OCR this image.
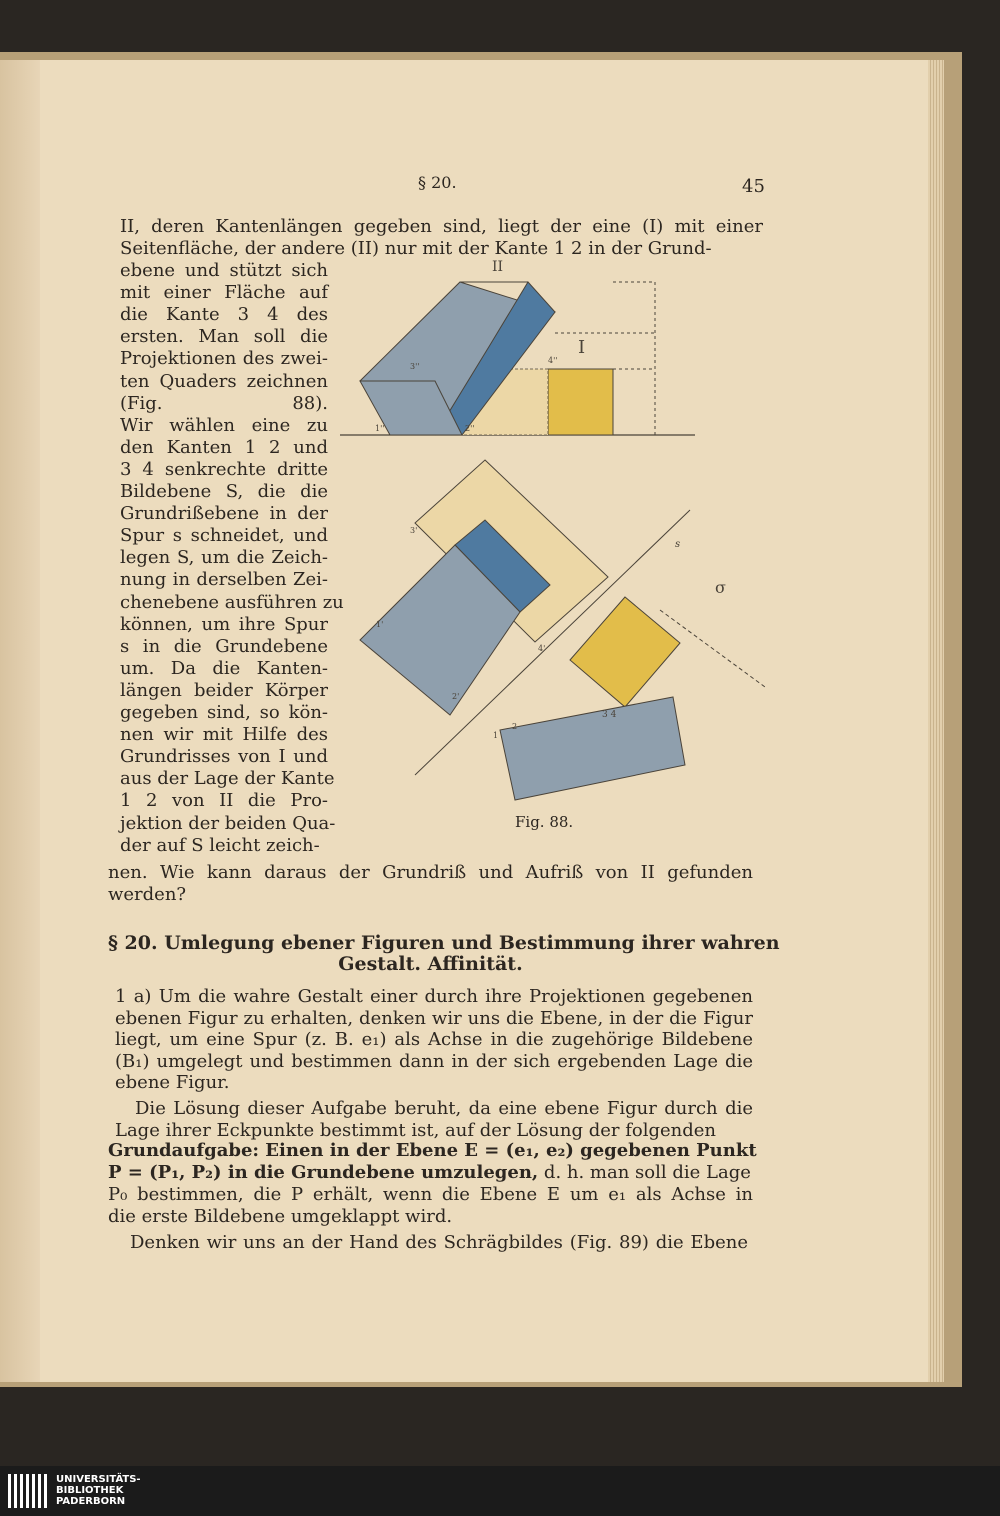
§ 20.	45
II, deren Kantenlängen gegeben sind, liegt der eine (I) mit einer
Seitenfläche, der andere (II) nur mit der Kante 1 2 in der Grund-
ebene und stützt sich
mit einer Fläche auf
die Kante 3 4 des
ersten. Man soll die
Projektionen des zwei-
ten Quaders zeichnen
(Fig. 88).
Wir wählen eine zu
den Kanten 1 2 und
3 4 senkrechte dritte
Bildebene S, die die
Grundrißebene in der
Spur s schneidet, und
legen S, um die Zeich-
nung in derselben Zei-
chenebene ausführen zu
können, um ihre Spur
s in die Grundebene
um. Da die Kanten-
längen beider Körper
gegeben sind, so kön-
nen wir mit Hilfe des
Grundrisses von I und
aus der Lage der Kante
1 2 von II die Pro-
jektion der beiden Qua-
der auf S leicht zeich-
nen. Wie kann daraus der Grundriß und Aufriß von II gefunden
werden?
II
I
3''
4''
1''	2''
s
σ
3'
1'
2'
4'
3 4
1
2
Fig. 88.
§ 20. Umlegung ebener Figuren und Bestimmung ihrer wahren
Gestalt. Affinität.
1 a) Um die wahre Gestalt einer durch ihre Projektionen gegebenen
ebenen Figur zu erhalten, denken wir uns die Ebene, in der die Figur
liegt, um eine Spur (z. B. e₁) als Achse in die zugehörige Bildebene
(B₁) umgelegt und bestimmen dann in der sich ergebenden Lage die
ebene Figur.
Die Lösung dieser Aufgabe beruht, da eine ebene Figur durch die
Lage ihrer Eckpunkte bestimmt ist, auf der Lösung der folgenden
Grundaufgabe: Einen in der Ebene E = (e₁, e₂) gegebenen Punkt
P = (P₁, P₂) in die Grundebene umzulegen, d. h. man soll die Lage
P₀ bestimmen, die P erhält, wenn die Ebene E um e₁ als Achse in
die erste Bildebene umgeklappt wird.
Denken wir uns an der Hand des Schrägbildes (Fig. 89) die Ebene
UNIVERSITÄTS-
BIBLIOTHEK
PADERBORN
